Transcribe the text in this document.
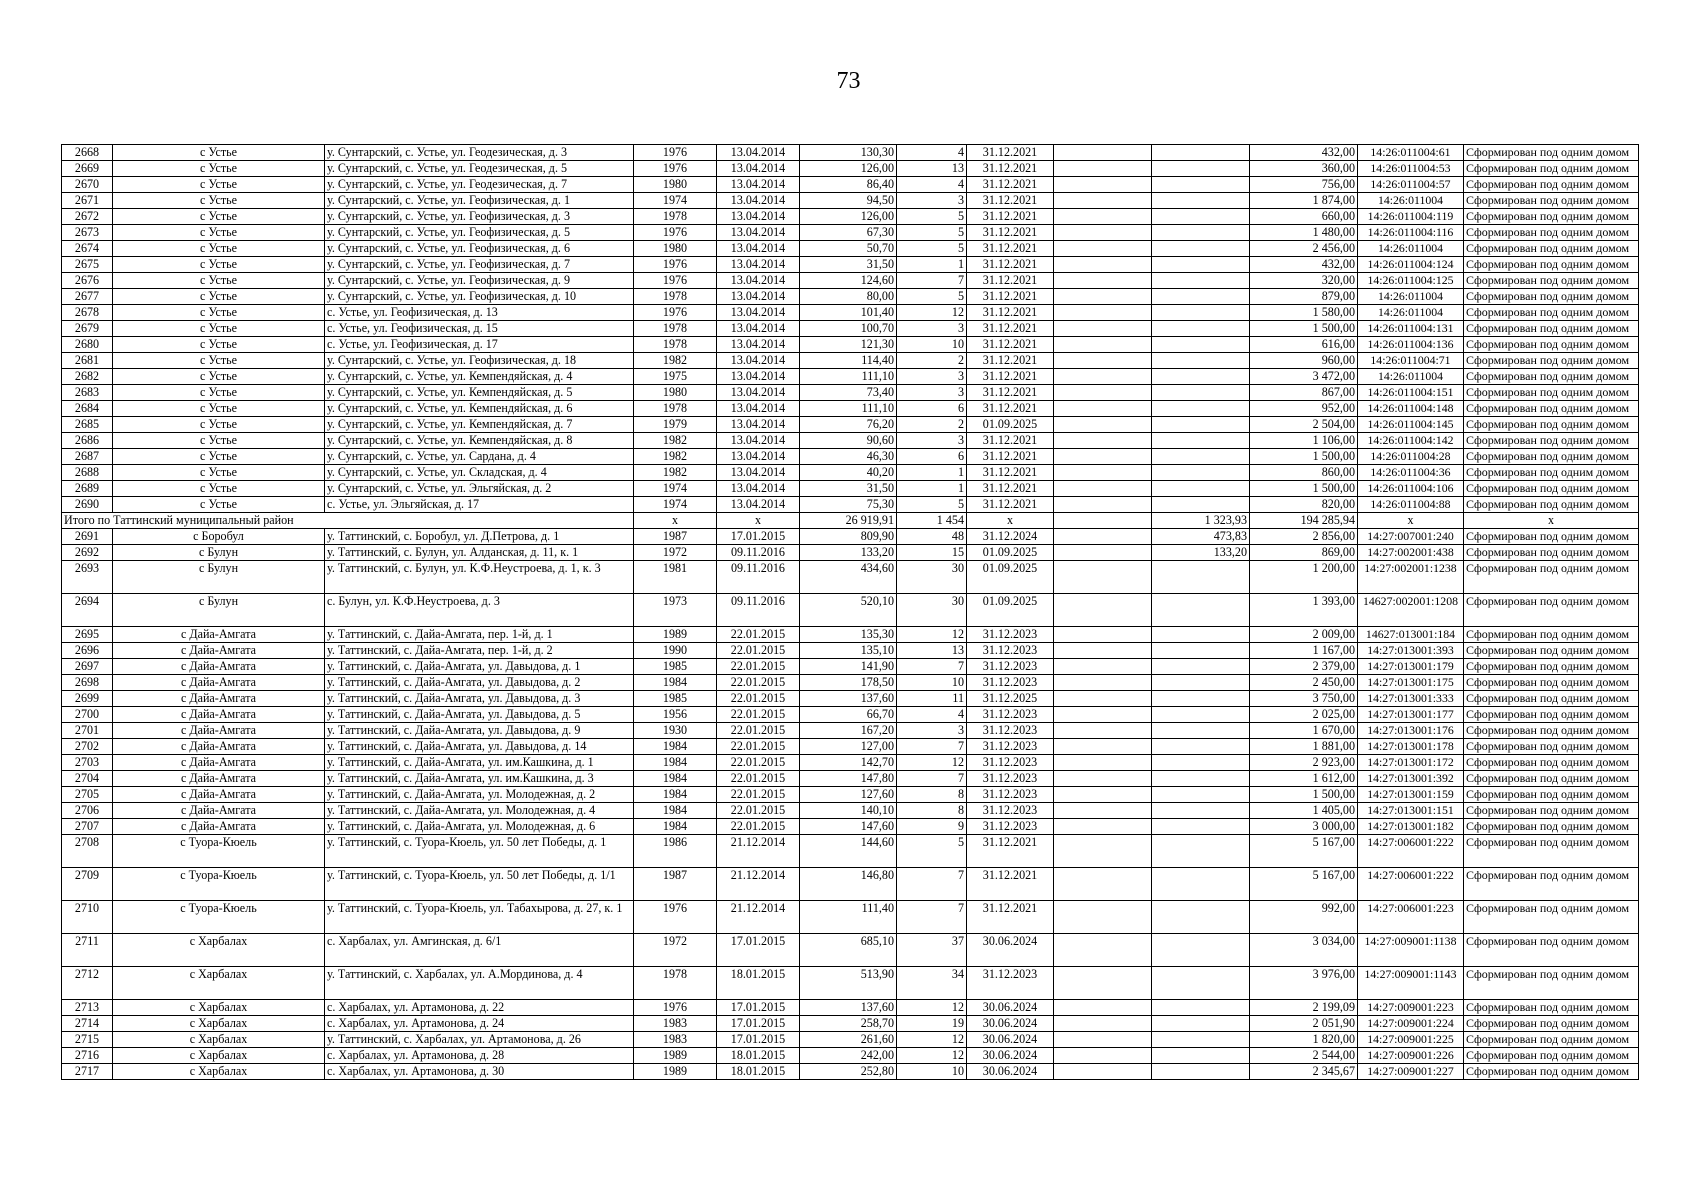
73
2668	с Устье	у. Сунтарский, с. Устье, ул. Геодезическая, д. 3	1976	13.04.2014	130,30	4	31.12.2021			432,00	14:26:011004:61	Сформирован под одним домом
2669	с Устье	у. Сунтарский, с. Устье, ул. Геодезическая, д. 5	1976	13.04.2014	126,00	13	31.12.2021			360,00	14:26:011004:53	Сформирован под одним домом
2670	с Устье	у. Сунтарский, с. Устье, ул. Геодезическая, д. 7	1980	13.04.2014	86,40	4	31.12.2021			756,00	14:26:011004:57	Сформирован под одним домом
2671	с Устье	у. Сунтарский, с. Устье, ул. Геофизическая, д. 1	1974	13.04.2014	94,50	3	31.12.2021			1 874,00	14:26:011004	Сформирован под одним домом
2672	с Устье	у. Сунтарский, с. Устье, ул. Геофизическая, д. 3	1978	13.04.2014	126,00	5	31.12.2021			660,00	14:26:011004:119	Сформирован под одним домом
2673	с Устье	у. Сунтарский, с. Устье, ул. Геофизическая, д. 5	1976	13.04.2014	67,30	5	31.12.2021			1 480,00	14:26:011004:116	Сформирован под одним домом
2674	с Устье	у. Сунтарский, с. Устье, ул. Геофизическая, д. 6	1980	13.04.2014	50,70	5	31.12.2021			2 456,00	14:26:011004	Сформирован под одним домом
2675	с Устье	у. Сунтарский, с. Устье, ул. Геофизическая, д. 7	1976	13.04.2014	31,50	1	31.12.2021			432,00	14:26:011004:124	Сформирован под одним домом
2676	с Устье	у. Сунтарский, с. Устье, ул. Геофизическая, д. 9	1976	13.04.2014	124,60	7	31.12.2021			320,00	14:26:011004:125	Сформирован под одним домом
2677	с Устье	у. Сунтарский, с. Устье, ул. Геофизическая, д. 10	1978	13.04.2014	80,00	5	31.12.2021			879,00	14:26:011004	Сформирован под одним домом
2678	с Устье	с. Устье, ул. Геофизическая, д. 13	1976	13.04.2014	101,40	12	31.12.2021			1 580,00	14:26:011004	Сформирован под одним домом
2679	с Устье	с. Устье, ул. Геофизическая, д. 15	1978	13.04.2014	100,70	3	31.12.2021			1 500,00	14:26:011004:131	Сформирован под одним домом
2680	с Устье	с. Устье, ул. Геофизическая, д. 17	1978	13.04.2014	121,30	10	31.12.2021			616,00	14:26:011004:136	Сформирован под одним домом
2681	с Устье	у. Сунтарский, с. Устье, ул. Геофизическая, д. 18	1982	13.04.2014	114,40	2	31.12.2021			960,00	14:26:011004:71	Сформирован под одним домом
2682	с Устье	у. Сунтарский, с. Устье, ул. Кемпендяйская, д. 4	1975	13.04.2014	111,10	3	31.12.2021			3 472,00	14:26:011004	Сформирован под одним домом
2683	с Устье	у. Сунтарский, с. Устье, ул. Кемпендяйская, д. 5	1980	13.04.2014	73,40	3	31.12.2021			867,00	14:26:011004:151	Сформирован под одним домом
2684	с Устье	у. Сунтарский, с. Устье, ул. Кемпендяйская, д. 6	1978	13.04.2014	111,10	6	31.12.2021			952,00	14:26:011004:148	Сформирован под одним домом
2685	с Устье	у. Сунтарский, с. Устье, ул. Кемпендяйская, д. 7	1979	13.04.2014	76,20	2	01.09.2025			2 504,00	14:26:011004:145	Сформирован под одним домом
2686	с Устье	у. Сунтарский, с. Устье, ул. Кемпендяйская, д. 8	1982	13.04.2014	90,60	3	31.12.2021			1 106,00	14:26:011004:142	Сформирован под одним домом
2687	с Устье	у. Сунтарский, с. Устье, ул. Сардана, д. 4	1982	13.04.2014	46,30	6	31.12.2021			1 500,00	14:26:011004:28	Сформирован под одним домом
2688	с Устье	у. Сунтарский, с. Устье, ул. Складская, д. 4	1982	13.04.2014	40,20	1	31.12.2021			860,00	14:26:011004:36	Сформирован под одним домом
2689	с Устье	у. Сунтарский, с. Устье, ул. Эльгяйская, д. 2	1974	13.04.2014	31,50	1	31.12.2021			1 500,00	14:26:011004:106	Сформирован под одним домом
2690	с Устье	с. Устье, ул. Эльгяйская, д. 17	1974	13.04.2014	75,30	5	31.12.2021			820,00	14:26:011004:88	Сформирован под одним домом
Итого по Таттинский муниципальный район			x	x	26 919,91	1 454	x		1 323,93	194 285,94	x	x
2691	с Боробул	у. Таттинский, с. Боробул, ул. Д.Петрова, д. 1	1987	17.01.2015	809,90	48	31.12.2024		473,83	2 856,00	14:27:007001:240	Сформирован под одним домом
2692	с Булун	у. Таттинский, с. Булун, ул. Алданская, д. 11, к. 1	1972	09.11.2016	133,20	15	01.09.2025		133,20	869,00	14:27:002001:438	Сформирован под одним домом
2693	с Булун	у. Таттинский, с. Булун, ул. К.Ф.Неустроева, д. 1, к. 3	1981	09.11.2016	434,60	30	01.09.2025			1 200,00	14:27:002001:1238	Сформирован под одним домом
2694	с Булун	с. Булун, ул. К.Ф.Неустроева, д. 3	1973	09.11.2016	520,10	30	01.09.2025			1 393,00	14627:002001:1208	Сформирован под одним домом
2695	с Дайа-Амгата	у. Таттинский, с. Дайа-Амгата, пер. 1-й, д. 1	1989	22.01.2015	135,30	12	31.12.2023			2 009,00	14627:013001:184	Сформирован под одним домом
2696	с Дайа-Амгата	у. Таттинский, с. Дайа-Амгата, пер. 1-й, д. 2	1990	22.01.2015	135,10	13	31.12.2023			1 167,00	14:27:013001:393	Сформирован под одним домом
2697	с Дайа-Амгата	у. Таттинский, с. Дайа-Амгата, ул. Давыдова, д. 1	1985	22.01.2015	141,90	7	31.12.2023			2 379,00	14:27:013001:179	Сформирован под одним домом
2698	с Дайа-Амгата	у. Таттинский, с. Дайа-Амгата, ул. Давыдова, д. 2	1984	22.01.2015	178,50	10	31.12.2023			2 450,00	14:27:013001:175	Сформирован под одним домом
2699	с Дайа-Амгата	у. Таттинский, с. Дайа-Амгата, ул. Давыдова, д. 3	1985	22.01.2015	137,60	11	31.12.2025			3 750,00	14:27:013001:333	Сформирован под одним домом
2700	с Дайа-Амгата	у. Таттинский, с. Дайа-Амгата, ул. Давыдова, д. 5	1956	22.01.2015	66,70	4	31.12.2023			2 025,00	14:27:013001:177	Сформирован под одним домом
2701	с Дайа-Амгата	у. Таттинский, с. Дайа-Амгата, ул. Давыдова, д. 9	1930	22.01.2015	167,20	3	31.12.2023			1 670,00	14:27:013001:176	Сформирован под одним домом
2702	с Дайа-Амгата	у. Таттинский, с. Дайа-Амгата, ул. Давыдова, д. 14	1984	22.01.2015	127,00	7	31.12.2023			1 881,00	14:27:013001:178	Сформирован под одним домом
2703	с Дайа-Амгата	у. Таттинский, с. Дайа-Амгата, ул. им.Кашкина, д. 1	1984	22.01.2015	142,70	12	31.12.2023			2 923,00	14:27:013001:172	Сформирован под одним домом
2704	с Дайа-Амгата	у. Таттинский, с. Дайа-Амгата, ул. им.Кашкина, д. 3	1984	22.01.2015	147,80	7	31.12.2023			1 612,00	14:27:013001:392	Сформирован под одним домом
2705	с Дайа-Амгата	у. Таттинский, с. Дайа-Амгата, ул. Молодежная, д. 2	1984	22.01.2015	127,60	8	31.12.2023			1 500,00	14:27:013001:159	Сформирован под одним домом
2706	с Дайа-Амгата	у. Таттинский, с. Дайа-Амгата, ул. Молодежная, д. 4	1984	22.01.2015	140,10	8	31.12.2023			1 405,00	14:27:013001:151	Сформирован под одним домом
2707	с Дайа-Амгата	у. Таттинский, с. Дайа-Амгата, ул. Молодежная, д. 6	1984	22.01.2015	147,60	9	31.12.2023			3 000,00	14:27:013001:182	Сформирован под одним домом
2708	с Туора-Кюель	у. Таттинский, с. Туора-Кюель, ул. 50 лет Победы, д. 1	1986	21.12.2014	144,60	5	31.12.2021			5 167,00	14:27:006001:222	Сформирован под одним домом
2709	с Туора-Кюель	у. Таттинский, с. Туора-Кюель, ул. 50 лет Победы, д. 1/1	1987	21.12.2014	146,80	7	31.12.2021			5 167,00	14:27:006001:222	Сформирован под одним домом
2710	с Туора-Кюель	у. Таттинский, с. Туора-Кюель, ул. Табахырова, д. 27, к. 1	1976	21.12.2014	111,40	7	31.12.2021			992,00	14:27:006001:223	Сформирован под одним домом
2711	с Харбалах	с. Харбалах, ул. Амгинская, д. 6/1	1972	17.01.2015	685,10	37	30.06.2024			3 034,00	14:27:009001:1138	Сформирован под одним домом
2712	с Харбалах	у. Таттинский, с. Харбалах, ул. А.Мординова, д. 4	1978	18.01.2015	513,90	34	31.12.2023			3 976,00	14:27:009001:1143	Сформирован под одним домом
2713	с Харбалах	с. Харбалах, ул. Артамонова, д. 22	1976	17.01.2015	137,60	12	30.06.2024			2 199,09	14:27:009001:223	Сформирован под одним домом
2714	с Харбалах	с. Харбалах, ул. Артамонова, д. 24	1983	17.01.2015	258,70	19	30.06.2024			2 051,90	14:27:009001:224	Сформирован под одним домом
2715	с Харбалах	у. Таттинский, с. Харбалах, ул. Артамонова, д. 26	1983	17.01.2015	261,60	12	30.06.2024			1 820,00	14:27:009001:225	Сформирован под одним домом
2716	с Харбалах	с. Харбалах, ул. Артамонова, д. 28	1989	18.01.2015	242,00	12	30.06.2024			2 544,00	14:27:009001:226	Сформирован под одним домом
2717	с Харбалах	с. Харбалах, ул. Артамонова, д. 30	1989	18.01.2015	252,80	10	30.06.2024			2 345,67	14:27:009001:227	Сформирован под одним домом
